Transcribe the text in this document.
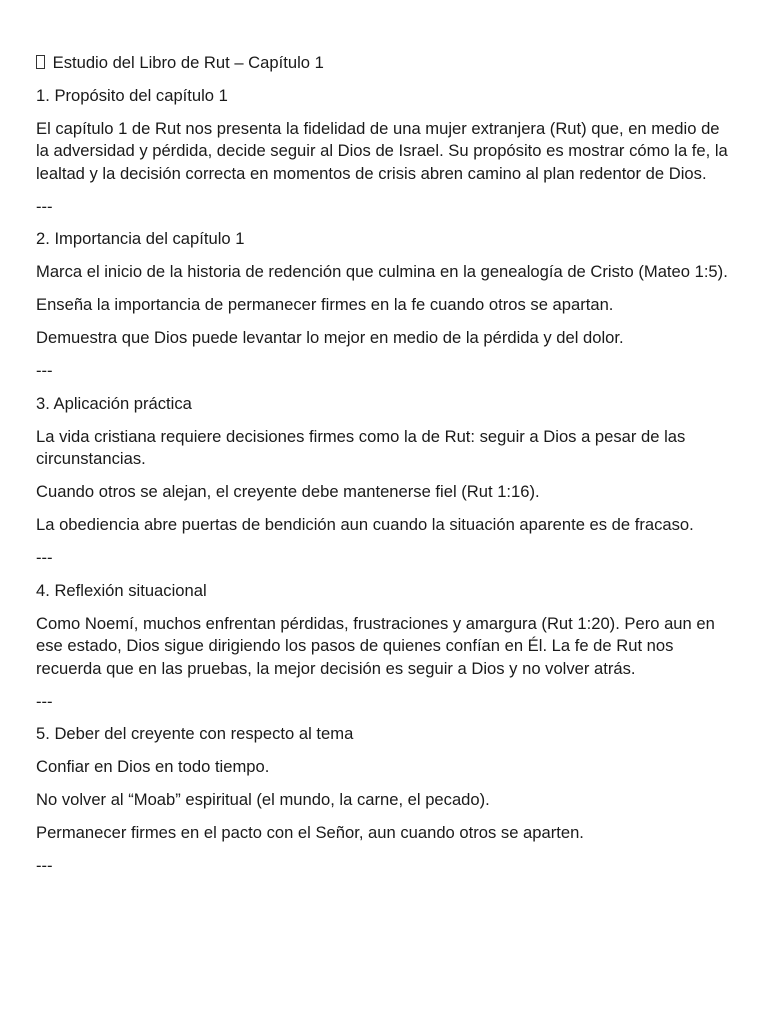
Estudio del Libro de Rut – Capítulo 1

1. Propósito del capítulo 1

El capítulo 1 de Rut nos presenta la fidelidad de una mujer extranjera (Rut) que, en medio de la adversidad y pérdida, decide seguir al Dios de Israel. Su propósito es mostrar cómo la fe, la lealtad y la decisión correcta en momentos de crisis abren camino al plan redentor de Dios.

---

2. Importancia del capítulo 1

Marca el inicio de la historia de redención que culmina en la genealogía de Cristo (Mateo 1:5).

Enseña la importancia de permanecer firmes en la fe cuando otros se apartan.

Demuestra que Dios puede levantar lo mejor en medio de la pérdida y del dolor.

---

3. Aplicación práctica

La vida cristiana requiere decisiones firmes como la de Rut: seguir a Dios a pesar de las circunstancias.

Cuando otros se alejan, el creyente debe mantenerse fiel (Rut 1:16).

La obediencia abre puertas de bendición aun cuando la situación aparente es de fracaso.

---

4. Reflexión situacional

Como Noemí, muchos enfrentan pérdidas, frustraciones y amargura (Rut 1:20). Pero aun en ese estado, Dios sigue dirigiendo los pasos de quienes confían en Él. La fe de Rut nos recuerda que en las pruebas, la mejor decisión es seguir a Dios y no volver atrás.

---

5. Deber del creyente con respecto al tema

Confiar en Dios en todo tiempo.

No volver al “Moab” espiritual (el mundo, la carne, el pecado).

Permanecer firmes en el pacto con el Señor, aun cuando otros se aparten.

---
